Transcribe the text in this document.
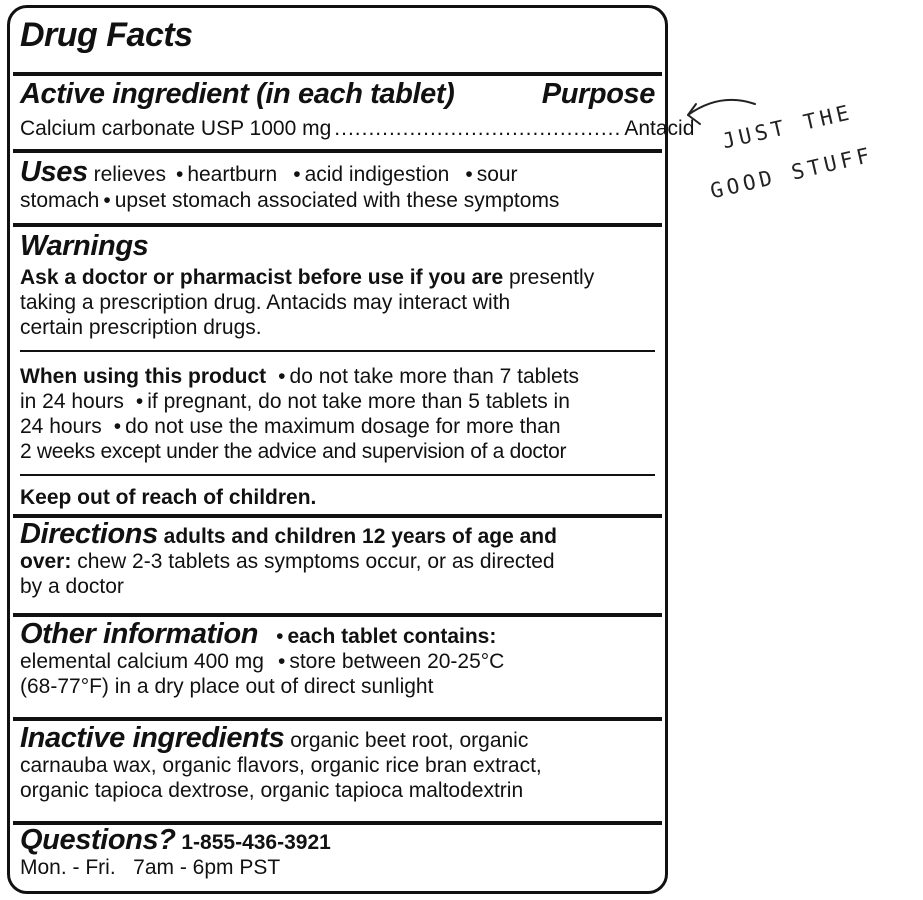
Drug Facts
Active ingredient (in each tablet)	Purpose
Calcium carbonate USP 1000 mg .......................................... Antacid
Uses relieves • heartburn • acid indigestion • sour
stomach • upset stomach associated with these symptoms
Warnings
Ask a doctor or pharmacist before use if you are presently
taking a prescription drug. Antacids may interact with
certain prescription drugs.
When using this product • do not take more than 7 tablets
in 24 hours • if pregnant, do not take more than 5 tablets in
24 hours • do not use the maximum dosage for more than
2 weeks except under the advice and supervision of a doctor
Keep out of reach of children.
Directions adults and children 12 years of age and
over: chew 2-3 tablets as symptoms occur, or as directed
by a doctor
Other information • each tablet contains:
elemental calcium 400 mg • store between 20-25°C
(68-77°F) in a dry place out of direct sunlight
Inactive ingredients organic beet root, organic
carnauba wax, organic flavors, organic rice bran extract,
organic tapioca dextrose, organic tapioca maltodextrin
Questions? 1-855-436-3921
Mon. - Fri.   7am - 6pm PST
JUST THE
GOOD STUFF
